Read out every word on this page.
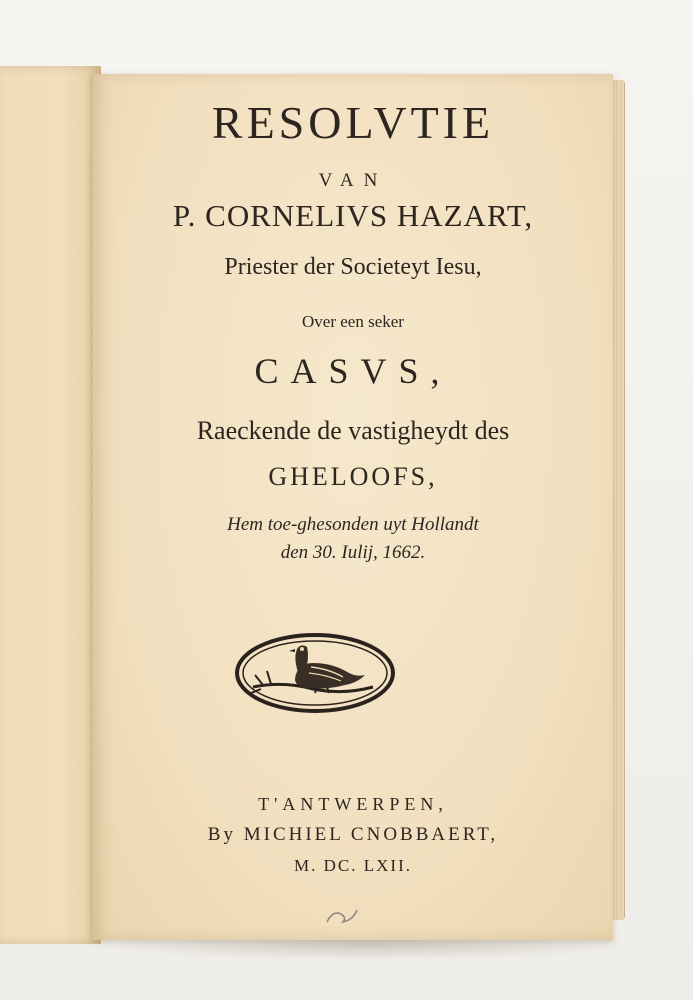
RESOLVTIE
VAN
P. CORNELIVS HAZART,
Priester der Societeyt Iesu,
Over een seker
CASVS,
Raeckende de vastigheydt des
GHELOOFS,
Hem toe-ghesonden uyt Hollandt
den 30. Iulij, 1662.
T'ANTWERPEN,
By MICHIEL CNOBBAERT,
M. DC. LXII.
